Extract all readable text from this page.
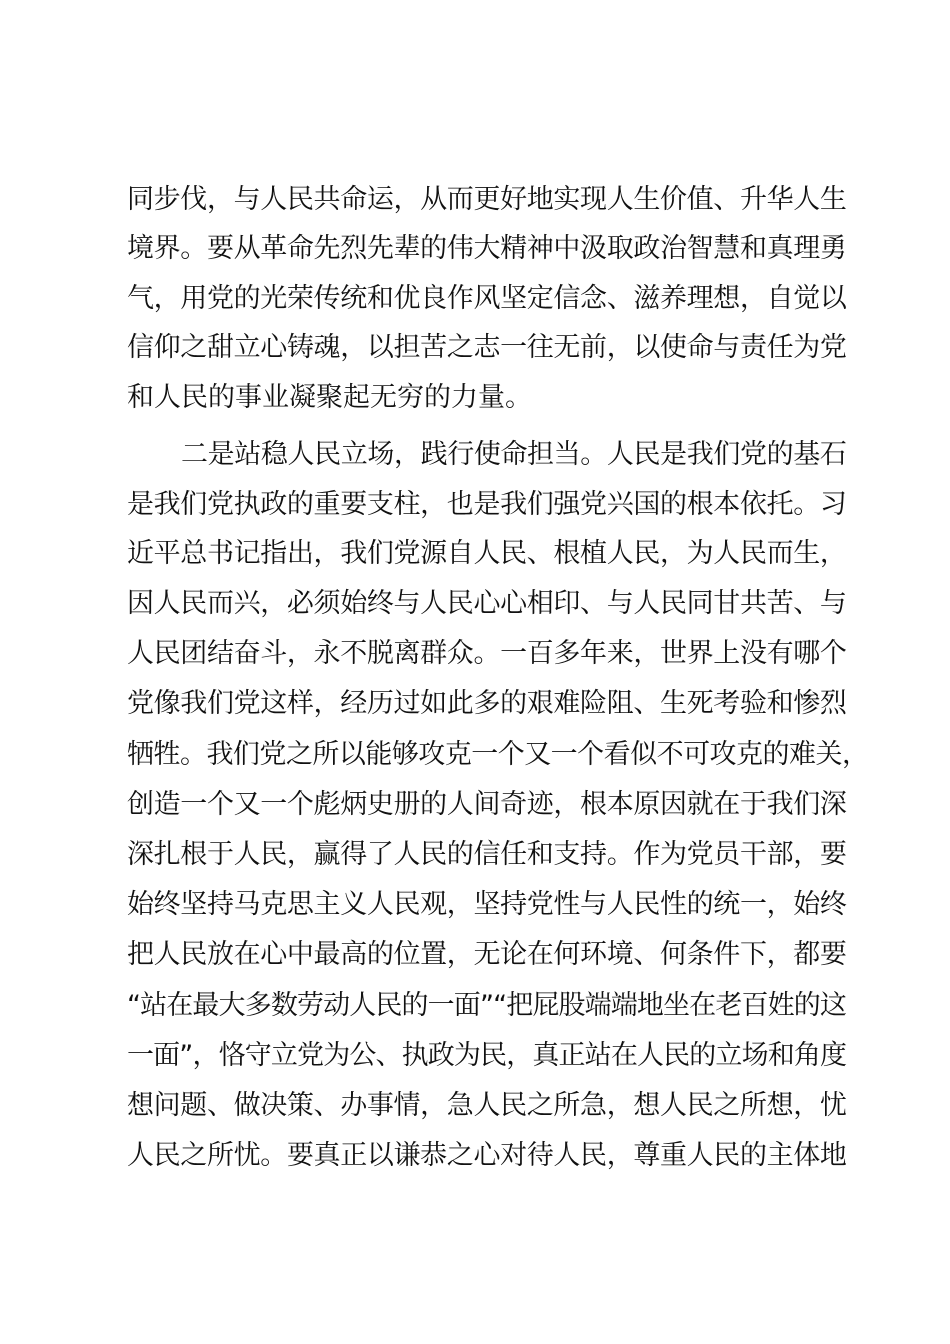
同步伐，与人民共命运，从而更好地实现人生价值、升华人生
境界。要从革命先烈先辈的伟大精神中汲取政治智慧和真理勇
气，用党的光荣传统和优良作风坚定信念、滋养理想，自觉以
信仰之甜立心铸魂，以担苦之志一往无前，以使命与责任为党
和人民的事业凝聚起无穷的力量。
二是站稳人民立场，践行使命担当。人民是我们党的基石
是我们党执政的重要支柱，也是我们强党兴国的根本依托。习
近平总书记指出，我们党源自人民、根植人民，为人民而生，
因人民而兴，必须始终与人民心心相印、与人民同甘共苦、与
人民团结奋斗，永不脱离群众。一百多年来，世界上没有哪个
党像我们党这样，经历过如此多的艰难险阻、生死考验和惨烈
牺牲。我们党之所以能够攻克一个又一个看似不可攻克的难关，
创造一个又一个彪炳史册的人间奇迹，根本原因就在于我们深
深扎根于人民，赢得了人民的信任和支持。作为党员干部，要
始终坚持马克思主义人民观，坚持党性与人民性的统一，始终
把人民放在心中最高的位置，无论在何环境、何条件下，都要
“站在最大多数劳动人民的一面”“把屁股端端地坐在老百姓的这
一面”，恪守立党为公、执政为民，真正站在人民的立场和角度
想问题、做决策、办事情，急人民之所急，想人民之所想，忧
人民之所忧。要真正以谦恭之心对待人民，尊重人民的主体地
